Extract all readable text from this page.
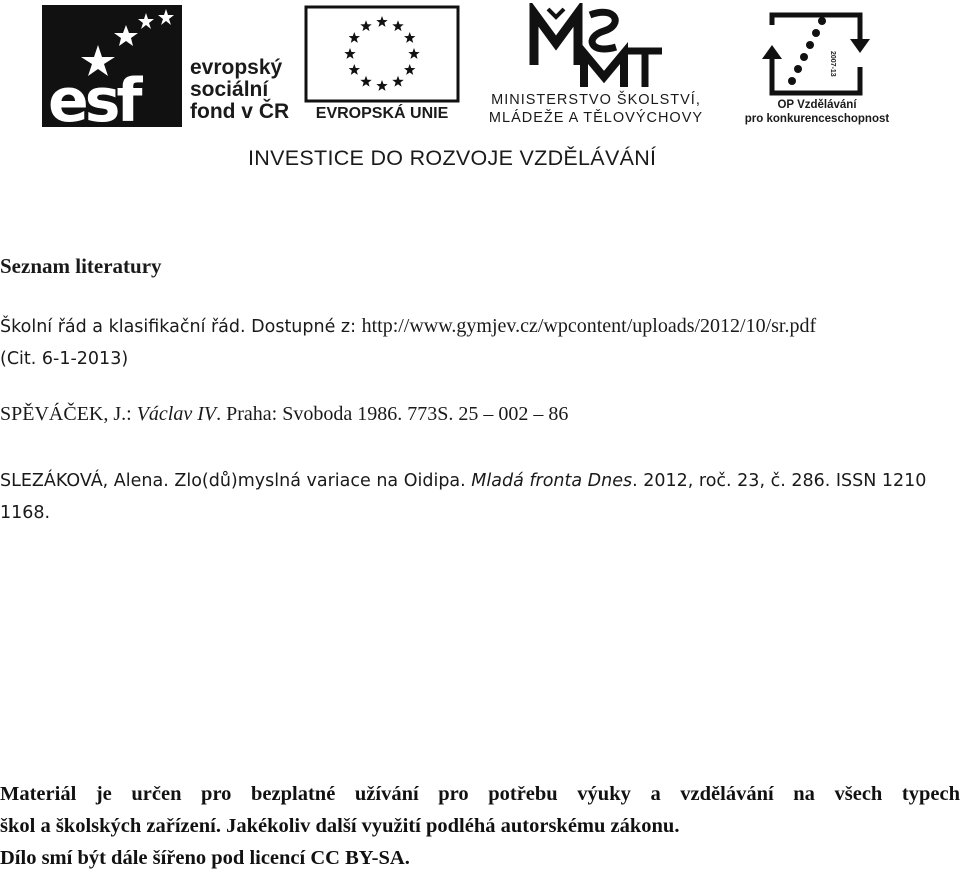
esf evropský
sociální
fond v ČR	EVROPSKÁ UNIE
MINISTERSTVO ŠKOLSTVÍ,
MLÁDEŽE A TĚLOVÝCHOVY
2007-13
OP Vzdělávání
pro konkurenceschopnost
INVESTICE DO ROZVOJE VZDĚLÁVÁNÍ
Seznam literatury
Školní řád a klasifikační řád. Dostupné z: http://www.gymjev.cz/wpcontent/uploads/2012/10/sr.pdf
(Cit. 6-1-2013)
SPĚVÁČEK, J.: Václav IV. Praha: Svoboda 1986. 773S. 25 – 002 – 86
SLEZÁKOVÁ, Alena. Zlo(dů)myslná variace na Oidipa. Mladá fronta Dnes. 2012, roč. 23, č. 286. ISSN 1210 1168.
Materiál je určen pro bezplatné užívání pro potřebu výuky a vzdělávání na všech typech
škol a školských zařízení. Jakékoliv další využití podléhá autorskému zákonu.
Dílo smí být dále šířeno pod licencí CC BY-SA.
